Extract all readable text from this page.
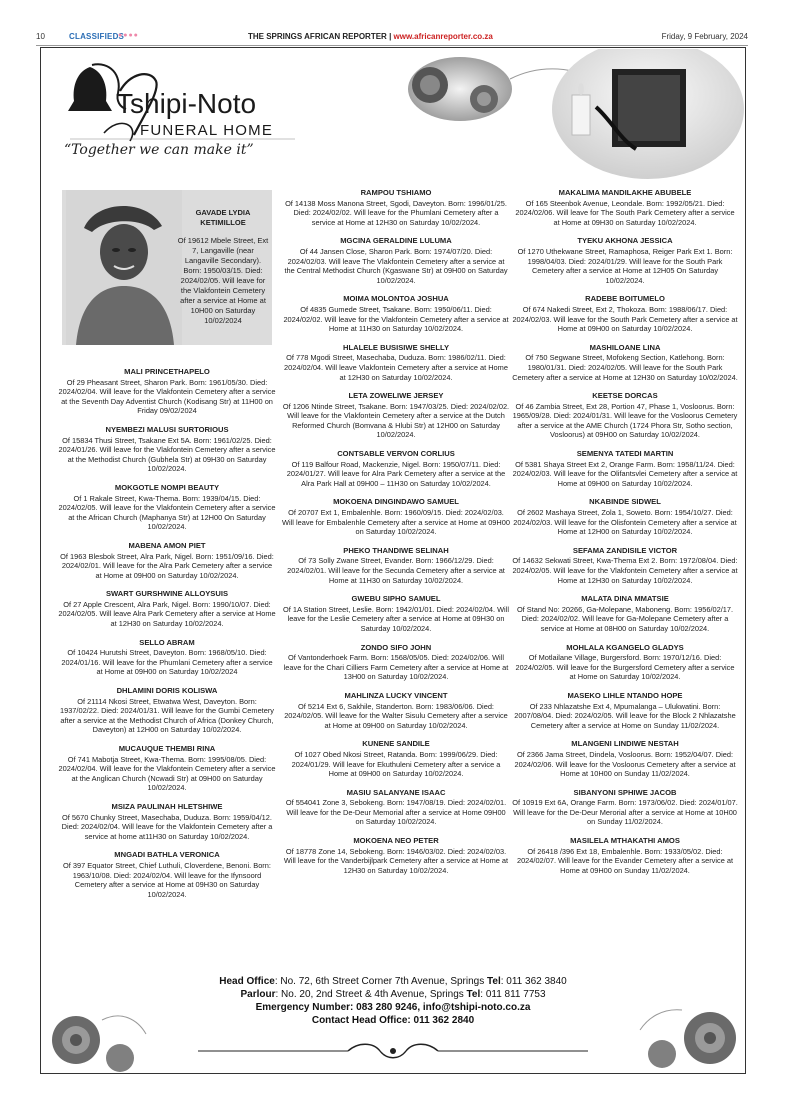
10	CLASSIFIEDS
●●●●	THE SPRINGS AFRICAN REPORTER | www.africanreporter.co.za	Friday, 9 February, 2024
Tshipi-Noto
FUNERAL HOME
“Together we can make it”
GAVADE LYDIA KETIMILLOE
Of 19612 Mbele Street, Ext 7, Langaville (near Langaville Secondary). Born: 1950/03/15. Died: 2024/02/05. Will leave for the Vlakfontein Cemetery after a service at Home at 10H00 on Saturday 10/02/2024
MALI PRINCETHAPELO
Of 29 Pheasant Street, Sharon Park. Born: 1961/05/30. Died: 2024/02/04. Will leave for the Vlakfontein Cemetery after a service at the Seventh Day Adventist Church (Kodisang Str) at 11H00 on Friday 09/02/2024
NYEMBEZI MALUSI SURTORIOUS
Of 15834 Thusi Street, Tsakane Ext 5A. Born: 1961/02/25. Died: 2024/01/26. Will leave for the Vlakfontein Cemetery after a service at the Methodist Church (Gubhela Str) at 09H30 on Saturday 10/02/2024.
MOKGOTLE NOMPI BEAUTY
Of 1 Rakale Street, Kwa-Thema. Born: 1939/04/15. Died: 2024/02/05. Will leave for the Vlakfontein Cemetery after a service at the African Church (Maphanya Str) at 12H00 On Saturday 10/02/2024.
MABENA AMON PIET
Of 1963 Blesbok Street, Alra Park, Nigel. Born: 1951/09/16. Died: 2024/02/01. Will leave for the Alra Park Cemetery after a service at Home at 09H00 on Saturday 10/02/2024.
SWART GURSHWINE ALLOYSUIS
Of 27 Apple Crescent, Alra Park, Nigel. Born: 1990/10/07. Died: 2024/02/05. Will leave Alra Park Cemetery after a service at Home at 12H30 on Saturday 10/02/2024.
SELLO ABRAM
Of 10424 Hurutshi Street, Daveyton. Born: 1968/05/10. Died: 2024/01/16. Will leave for the Phumlani Cemetery after a service at Home at 09H00 on Saturday 10/02/2024
DHLAMINI DORIS KOLISWA
Of 21114 Nkosi Street, Etwatwa West, Daveyton. Born: 1937/02/22. Died: 2024/01/31. Will leave for the Gumbi Cemetery after a service at the Methodist Church of Africa (Donkey Church, Daveyton) at 12H00 on Saturday 10/02/2024.
MUCAUQUE THEMBI RINA
Of 741 Mabotja Street, Kwa-Thema. Born: 1995/08/05. Died: 2024/02/04. Will leave for the Vlakfontein Cemetery after a service at the Anglican Church (Ncwadi Str) at 09H00 on Saturday 10/02/2024.
MSIZA PAULINAH HLETSHIWE
Of 5670 Chunky Street, Masechaba, Duduza. Born: 1959/04/12. Died: 2024/02/04. Will leave for the Vlakfontein Cemetery after a service at home at11H30 on Saturday 10/02/2024.
MNGADI BATHLA VERONICA
Of 397 Equator Street, Chief Luthuli, Cloverdene, Benoni. Born: 1963/10/08. Died: 2024/02/04. Will leave for the Ifynsoord Cemetery after a service at Home at 09H30 on Saturday 10/02/2024.
RAMPOU TSHIAMO
Of 14138 Moss Manona Street, Sgodi, Daveyton. Born: 1996/01/25. Died: 2024/02/02. Will leave for the Phumlani Cemetery after a service at Home at 12H30 on Saturday 10/02/2024.
MGCINA GERALDINE LULUMA
Of 44 Jansen Close, Sharon Park. Born: 1974/07/20. Died: 2024/02/03. Will leave The Vlakfontein Cemetery after a service at the Central Methodist Church (Kgaswane Str) at 09H00 on Saturday 10/02/2024.
MOIMA MOLONTOA JOSHUA
Of 4835 Gumede Street, Tsakane. Born: 1950/06/11. Died: 2024/02/02. Will leave for the Vlakfontein Cemetery after a service at Home at 11H30 on Saturday 10/02/2024.
HLALELE BUSISIWE SHELLY
Of 778 Mgodi Street, Masechaba, Duduza. Born: 1986/02/11. Died: 2024/02/04. Will leave Vlakfontein Cemetery after a service at Home at 12H30 on Saturday 10/02/2024.
LETA ZOWELIWE JERSEY
Of 1206 Ntinde Street, Tsakane. Born: 1947/03/25. Died: 2024/02/02. Will leave for the Vlakfontein Cemetery after a service at the Dutch Reformed Church (Bomvana & Hlubi Str) at 12H00 on Saturday 10/02/2024.
CONTSABLE VERVON CORLIUS
Of 119 Balfour Road, Mackenzie, Nigel. Born: 1950/07/11. Died: 2024/01/27. Will leave for Alra Park Cemetery after a service at the Alra Park Hall at 09H00 – 11H30 on Saturday 10/02/2024.
MOKOENA DINGINDAWO SAMUEL
Of 20707 Ext 1, Embalenhle. Born: 1960/09/15. Died: 2024/02/03. Will leave for Embalenhle Cemetery after a service at Home at 09H00 on Saturday 10/02/2024.
PHEKO THANDIWE SELINAH
Of 73 Solly Zwane Street, Evander. Born: 1966/12/29. Died: 2024/02/01. Will leave for the Secunda Cemetery after a service at Home at 11H30 on Saturday 10/02/2024.
GWEBU SIPHO SAMUEL
Of 1A Station Street, Leslie. Born: 1942/01/01. Died: 2024/02/04. Will leave for the Leslie Cemetery after a service at Home at 09H30 on Saturday 10/02/2024.
ZONDO SIFO JOHN
Of Vantonderhoek Farm. Born: 1568/05/05. Died: 2024/02/06. Will leave for the Chari Cilliers Farm Cemetery after a service at Home at 13H00 on Saturday 10/02/2024.
MAHLINZA LUCKY VINCENT
Of 5214 Ext 6, Sakhile, Standerton. Born: 1983/06/06. Died: 2024/02/05. Will leave for the Walter Sisulu Cemetery after a service at Home at 09H00 on Saturday 10/02/2024.
KUNENE SANDILE
Of 1027 Obed Nkosi Street, Ratanda. Born: 1999/06/29. Died: 2024/01/29. Will leave for Ekuthuleni Cemetery after a service a Home at 09H00 on Saturday 10/02/2024.
MASIU SALANYANE ISAAC
Of 554041 Zone 3, Sebokeng. Born: 1947/08/19. Died: 2024/02/01. Will leave for the De-Deur Memorial after a service at Home 09H00 on Saturday 10/02/2024.
MOKOENA NEO PETER
Of 18778 Zone 14, Sebokeng. Born: 1946/03/02. Died: 2024/02/03. Will leave for the Vanderbijlpark Cemetery after a service at Home at 12H30 on Saturday 10/02/2024.
MAKALIMA MANDILAKHE ABUBELE
Of 165 Steenbok Avenue, Leondale. Born: 1992/05/21. Died: 2024/02/06. Will leave for The South Park Cemetery after a service at Home at 09H30 on Saturday 10/02/2024.
TYEKU AKHONA JESSICA
Of 1270 Uthekwane Street, Ramaphosa, Reiger Park Ext 1. Born: 1998/04/03. Died: 2024/01/29. Will leave for the South Park Cemetery after a service at Home at 12H05 On Saturday 10/02/2024.
RADEBE BOITUMELO
Of 674 Nakedi Street, Ext 2, Thokoza. Born: 1988/06/17. Died: 2024/02/03. Will leave for the South Park Cemetery after a service at Home at 09H00 on Saturday 10/02/2024.
MASHILOANE LINA
Of 750 Segwane Street, Mofokeng Section, Katlehong. Born: 1980/01/31. Died: 2024/02/05. Will leave for the South Park Cemetery after a service at Home at 12H30 on Saturday 10/02/2024.
KEETSE DORCAS
Of 46 Zambia Street, Ext 28, Portion 47, Phase 1, Vosloorus. Born: 1965/09/28. Died: 2024/01/31. Will leave for the Vosloorus Cemetery after a service at the AME Church (1724 Phora Str, Sotho section, Vosloorus) at 09H00 on Saturday 10/02/2024.
SEMENYA TATEDI MARTIN
Of 5381 Shaya Street Ext 2, Orange Farm. Born: 1958/11/24. Died: 2024/02/03. Will leave for the Olifantsvlei Cemetery after a service at Home at 09H00 on Saturday 10/02/2024.
NKABINDE SIDWEL
Of 2602 Mashaya Street, Zola 1, Soweto. Born: 1954/10/27. Died: 2024/02/03. Will leave for the Olisfontein Cemetery after a service at Home at 12H00 on Saturday 10/02/2024.
SEFAMA ZANDISILE VICTOR
Of 14632 Sekwati Street, Kwa-Thema Ext 2. Born: 1972/08/04. Died: 2024/02/05. Will leave for the Vlakfontein Cemetery after a service at Home at 12H30 on Saturday 10/02/2024.
MALATA DINA MMATSIE
Of Stand No: 20266, Ga-Molepane, Maboneng. Born: 1956/02/17. Died: 2024/02/02. Will leave for Ga-Molepane Cemetery after a service at Home at 08H00 on Saturday 10/02/2024.
MOHLALA KGANGELO GLADYS
Of Motlailane Village, Burgersford. Born: 1970/12/16. Died: 2024/02/05. Will leave for the Burgersford Cemetery after a service at Home on Saturday 10/02/2024.
MASEKO LIHLE NTANDO HOPE
Of 233 Nhlazatshe Ext 4, Mpumalanga – Ulukwatini. Born: 2007/08/04. Died: 2024/02/05. Will leave for the Block 2 Nhlazatshe Cemetery after a service at Home on Sunday 11/02/2024.
MLANGENI LINDIWE NESTAH
Of 2366 Jama Street, Dindela, Vosloorus. Born: 1952/04/07. Died: 2024/02/06. Will leave for the Vosloorus Cemetery after a service at Home at 10H00 on Sunday 11/02/2024.
SIBANYONI SPHIWE JACOB
Of 10919 Ext 6A, Orange Farm. Born: 1973/06/02. Died: 2024/01/07. Will leave for the De-Deur Merorial after a service at Home at 10H00 on Sunday 11/02/2024.
MASILELA MTHAKATHI AMOS
Of 26418 /396 Ext 18, Embalenhle. Born: 1933/05/02. Died: 2024/02/07. Will leave for the Evander Cemetery after a service at Home at 09H00 on Sunday 11/02/2024.
Head Office: No. 72, 6th Street Corner 7th Avenue, Springs Tel: 011 362 3840
Parlour: No. 20, 2nd Street & 4th Avenue, Springs Tel: 011 811 7753
Emergency Number: 083 280 9246, info@tshipi-noto.co.za
Contact Head Office: 011 362 2840
